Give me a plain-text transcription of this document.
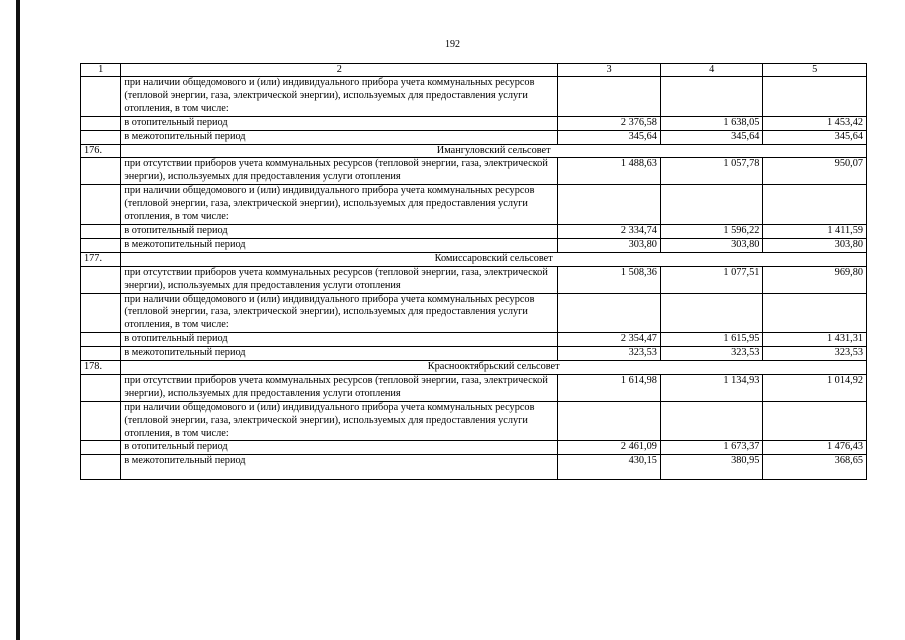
192
1	2	3	4	5
	при наличии общедомового и (или) индивидуального прибора учета коммунальных ресурсов (тепловой энергии, газа, электрической энергии), используемых для предоставления услуги отопления, в том числе:			
	в отопительный период	2 376,58	1 638,05	1 453,42
	в межотопительный период	345,64	345,64	345,64
176.	Имангуловский сельсовет			
	при отсутствии приборов учета коммунальных ресурсов (тепловой энергии, газа, электрической энергии), используемых для предоставления услуги отопления	1 488,63	1 057,78	950,07
	при наличии общедомового и (или) индивидуального прибора учета коммунальных ресурсов (тепловой энергии, газа, электрической энергии), используемых для предоставления услуги отопления, в том числе:			
	в отопительный период	2 334,74	1 596,22	1 411,59
	в межотопительный период	303,80	303,80	303,80
177.	Комиссаровский сельсовет			
	при отсутствии приборов учета коммунальных ресурсов (тепловой энергии, газа, электрической энергии), используемых для предоставления услуги отопления	1 508,36	1 077,51	969,80
	при наличии общедомового и (или) индивидуального прибора учета коммунальных ресурсов (тепловой энергии, газа, электрической энергии), используемых для предоставления услуги отопления, в том числе:			
	в отопительный период	2 354,47	1 615,95	1 431,31
	в межотопительный период	323,53	323,53	323,53
178.	Краснооктябрьский сельсовет			
	при отсутствии приборов учета коммунальных ресурсов (тепловой энергии, газа, электрической энергии), используемых для предоставления услуги отопления	1 614,98	1 134,93	1 014,92
	при наличии общедомового и (или) индивидуального прибора учета коммунальных ресурсов (тепловой энергии, газа, электрической энергии), используемых для предоставления услуги отопления, в том числе:			
	в отопительный период	2 461,09	1 673,37	1 476,43
	в межотопительный период	430,15	380,95	368,65
